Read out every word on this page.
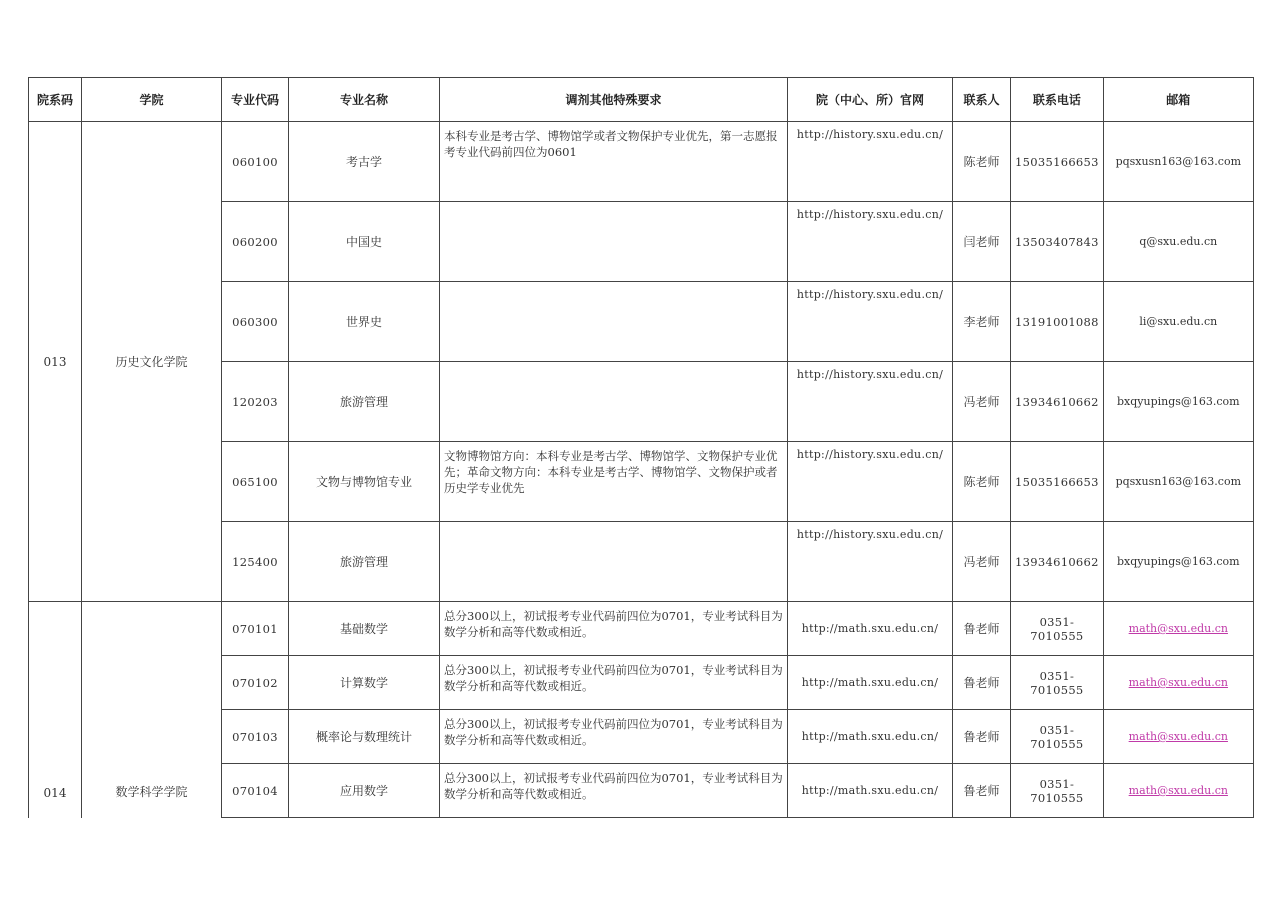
院系码	学院	专业代码	专业名称	调剂其他特殊要求	院（中心、所）官网	联系人	联系电话	邮箱
013	历史文化学院	060100	考古学	本科专业是考古学、博物馆学或者文物保护专业优先，第一志愿报考专业代码前四位为0601	http://history.sxu.edu.cn/	陈老师	15035166653	pqsxusn163@163.com
		060200	中国史		http://history.sxu.edu.cn/	闫老师	13503407843	q@sxu.edu.cn
		060300	世界史		http://history.sxu.edu.cn/	李老师	13191001088	li@sxu.edu.cn
		120203	旅游管理		http://history.sxu.edu.cn/	冯老师	13934610662	bxqyupings@163.com
		065100	文物与博物馆专业	文物博物馆方向：本科专业是考古学、博物馆学、文物保护专业优先；革命文物方向：本科专业是考古学、博物馆学、文物保护或者历史学专业优先	http://history.sxu.edu.cn/	陈老师	15035166653	pqsxusn163@163.com
		125400	旅游管理		http://history.sxu.edu.cn/	冯老师	13934610662	bxqyupings@163.com
014	数学科学学院	070101	基础数学	总分300以上，初试报考专业代码前四位为0701，专业考试科目为数学分析和高等代数或相近。	http://math.sxu.edu.cn/	鲁老师	0351-7010555	math@sxu.edu.cn
		070102	计算数学	总分300以上，初试报考专业代码前四位为0701，专业考试科目为数学分析和高等代数或相近。	http://math.sxu.edu.cn/	鲁老师	0351-7010555	math@sxu.edu.cn
		070103	概率论与数理统计	总分300以上，初试报考专业代码前四位为0701，专业考试科目为数学分析和高等代数或相近。	http://math.sxu.edu.cn/	鲁老师	0351-7010555	math@sxu.edu.cn
		070104	应用数学	总分300以上，初试报考专业代码前四位为0701，专业考试科目为数学分析和高等代数或相近。	http://math.sxu.edu.cn/	鲁老师	0351-7010555	math@sxu.edu.cn
